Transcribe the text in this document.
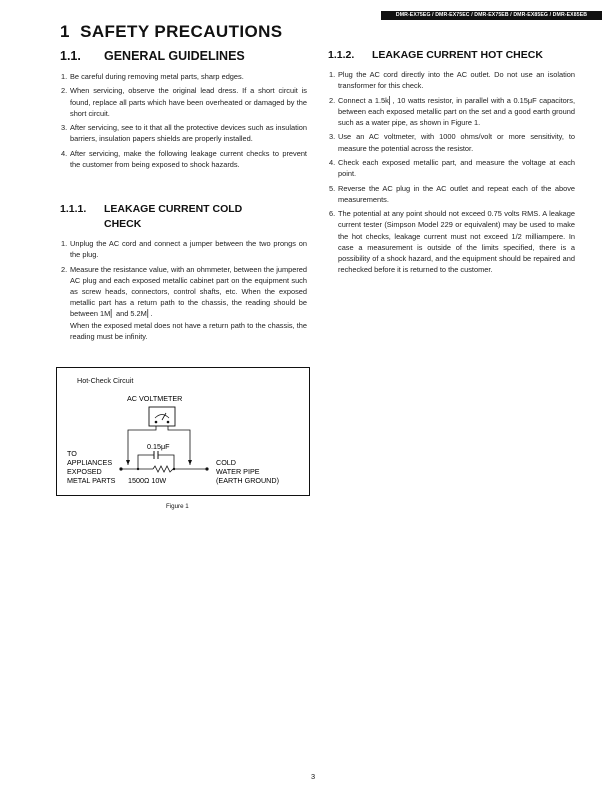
DMR-EX75EG / DMR-EX75EC / DMR-EX75EB / DMR-EX85EG / DMR-EX85EB
1 SAFETY PRECAUTIONS
1.1. GENERAL GUIDELINES
1. Be careful during removing metal parts, sharp edges.
2. When servicing, observe the original lead dress. If a short circuit is found, replace all parts which have been overheated or damaged by the short circuit.
3. After servicing, see to it that all the protective devices such as insulation barriers, insulation papers shields are properly installed.
4. After servicing, make the following leakage current checks to prevent the customer from being exposed to shock hazards.
1.1.1. LEAKAGE CURRENT COLD CHECK
1. Unplug the AC cord and connect a jumper between the two prongs on the plug.
2. Measure the resistance value, with an ohmmeter, between the jumpered AC plug and each exposed metallic cabinet part on the equipment such as screw heads, connectors, control shafts, etc. When the exposed metallic part has a return path to the chassis, the reading should be between 1M⎢ and 5.2M⎢.
When the exposed metal does not have a return path to the chassis, the reading must be infinity.
Hot-Check Circuit
AC VOLTMETER
0.15μF
TO
APPLIANCES
EXPOSED
METAL PARTS 1500Ω 10W
COLD
WATER PIPE
(EARTH GROUND)
Figure 1
1.1.2. LEAKAGE CURRENT HOT CHECK
1. Plug the AC cord directly into the AC outlet. Do not use an isolation transformer for this check.
2. Connect a 1.5k⎢, 10 watts resistor, in parallel with a 0.15μF capacitors, between each exposed metallic part on the set and a good earth ground such as a water pipe, as shown in Figure 1.
3. Use an AC voltmeter, with 1000 ohms/volt or more sensitivity, to measure the potential across the resistor.
4. Check each exposed metallic part, and measure the voltage at each point.
5. Reverse the AC plug in the AC outlet and repeat each of the above measurements.
6. The potential at any point should not exceed 0.75 volts RMS. A leakage current tester (Simpson Model 229 or equivalent) may be used to make the hot checks, leakage current must not exceed 1/2 milliampere. In case a measurement is outside of the limits specified, there is a possibility of a shock hazard, and the equipment should be repaired and rechecked before it is returned to the customer.
3
